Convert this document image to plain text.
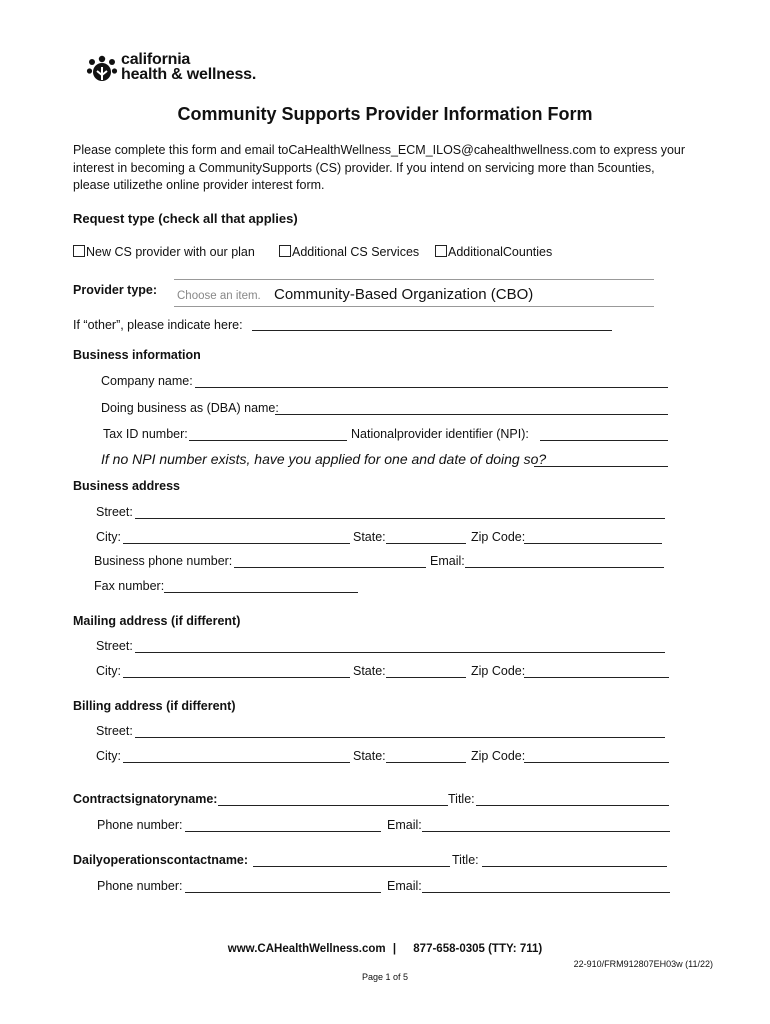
california
health & wellness.
Community Supports Provider Information Form
Please complete this form and email toCaHealthWellness_ECM_ILOS@cahealthwellness.com to express your
interest in becoming a CommunitySupports (CS) provider. If you intend on servicing more than 5counties,
please utilizethe online provider interest form.
Request type (check all that applies)
New CS provider with our plan	Additional CS Services	AdditionalCounties
Provider type: Choose an item. Community-Based Organization (CBO)
If “other”, please indicate here:
Business information
Company name:
Doing business as (DBA) name:
Tax ID number:	Nationalprovider identifier (NPI):
If no NPI number exists, have you applied for one and date of doing so?
Business address
Street:
City:	State:	Zip Code:
Business phone number:	Email:
Fax number:
Mailing address (if different)
Street:
City:	State:	Zip Code:
Billing address (if different)
Street:
City:	State:	Zip Code:
Contractsignatoryname:	Title:
Phone number:	Email:
Dailyoperationscontactname:	Title:
Phone number:	Email:
www.CAHealthWellness.com | 877-658-0305 (TTY: 711)
22-910/FRM912807EH03w (11/22)
Page 1 of 5
